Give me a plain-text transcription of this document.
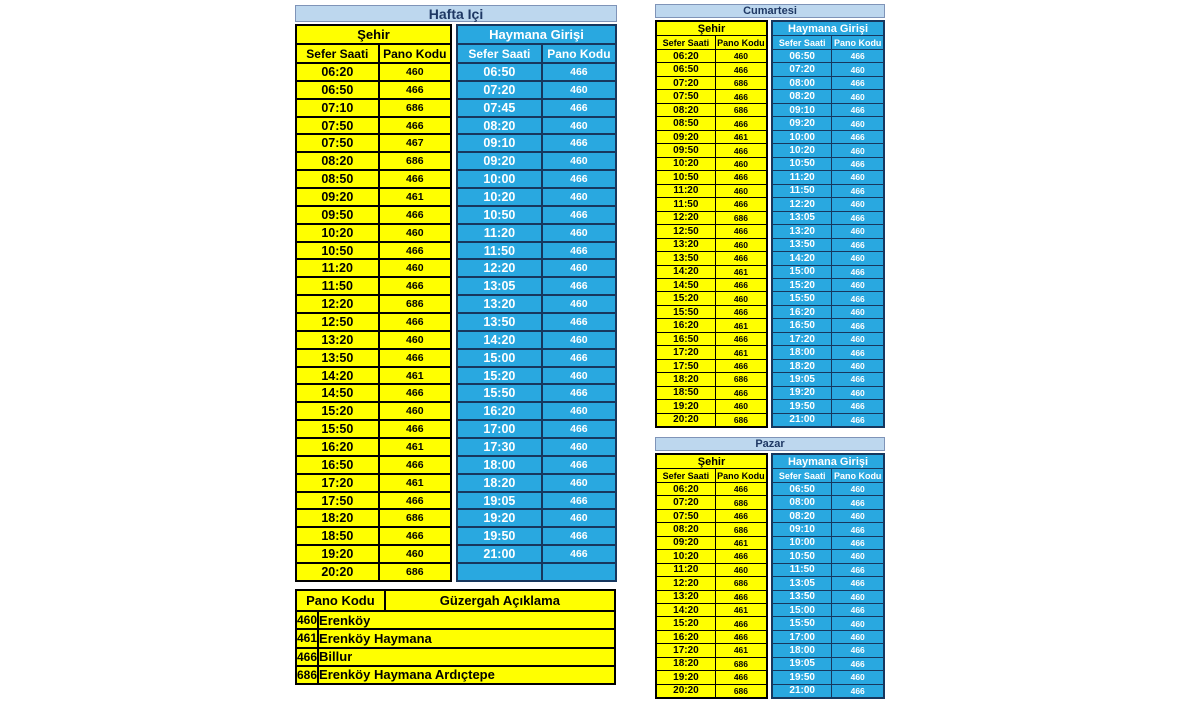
Hafta Içi
Şehir
Sefer Saati	Pano Kodu
06:20	460
06:50	466
07:10	686
07:50	466
07:50	467
08:20	686
08:50	466
09:20	461
09:50	466
10:20	460
10:50	466
11:20	460
11:50	466
12:20	686
12:50	466
13:20	460
13:50	466
14:20	461
14:50	466
15:20	460
15:50	466
16:20	461
16:50	466
17:20	461
17:50	466
18:20	686
18:50	466
19:20	460
20:20	686
Haymana Girişi
Sefer Saati	Pano Kodu
06:50	466
07:20	460
07:45	466
08:20	460
09:10	466
09:20	460
10:00	466
10:20	460
10:50	466
11:20	460
11:50	466
12:20	460
13:05	466
13:20	460
13:50	466
14:20	460
15:00	466
15:20	460
15:50	466
16:20	460
17:00	466
17:30	460
18:00	466
18:20	460
19:05	466
19:20	460
19:50	466
21:00	466
Pano Kodu	Güzergah Açıklama
460 Erenköy
461 Erenköy Haymana
466 Billur
686 Erenköy Haymana Ardıçtepe
Cumartesi
Şehir
Sefer Saati Pano Kodu
06:20	460
06:50	466
07:20	686
07:50	466
08:20	686
08:50	466
09:20	461
09:50	466
10:20	460
10:50	466
11:20	460
11:50	466
12:20	686
12:50	466
13:20	460
13:50	466
14:20	461
14:50	466
15:20	460
15:50	466
16:20	461
16:50	466
17:20	461
17:50	466
18:20	686
18:50	466
19:20	460
20:20	686
Haymana Girişi
Sefer Saati Pano Kodu
06:50	466
07:20	460
08:00	466
08:20	460
09:10	466
09:20	460
10:00	466
10:20	460
10:50	466
11:20	460
11:50	466
12:20	460
13:05	466
13:20	460
13:50	466
14:20	460
15:00	466
15:20	460
15:50	466
16:20	460
16:50	466
17:20	460
18:00	466
18:20	460
19:05	466
19:20	460
19:50	466
21:00	466
Pazar
Şehir
Sefer Saati Pano Kodu
06:20	466
07:20	686
07:50	466
08:20	686
09:20	461
10:20	466
11:20	460
12:20	686
13:20	466
14:20	461
15:20	466
16:20	466
17:20	461
18:20	686
19:20	466
20:20	686
Haymana Girişi
Sefer Saati Pano Kodu
06:50	460
08:00	466
08:20	460
09:10	466
10:00	466
10:50	460
11:50	466
13:05	466
13:50	460
15:00	466
15:50	460
17:00	460
18:00	466
19:05	466
19:50	460
21:00	466
